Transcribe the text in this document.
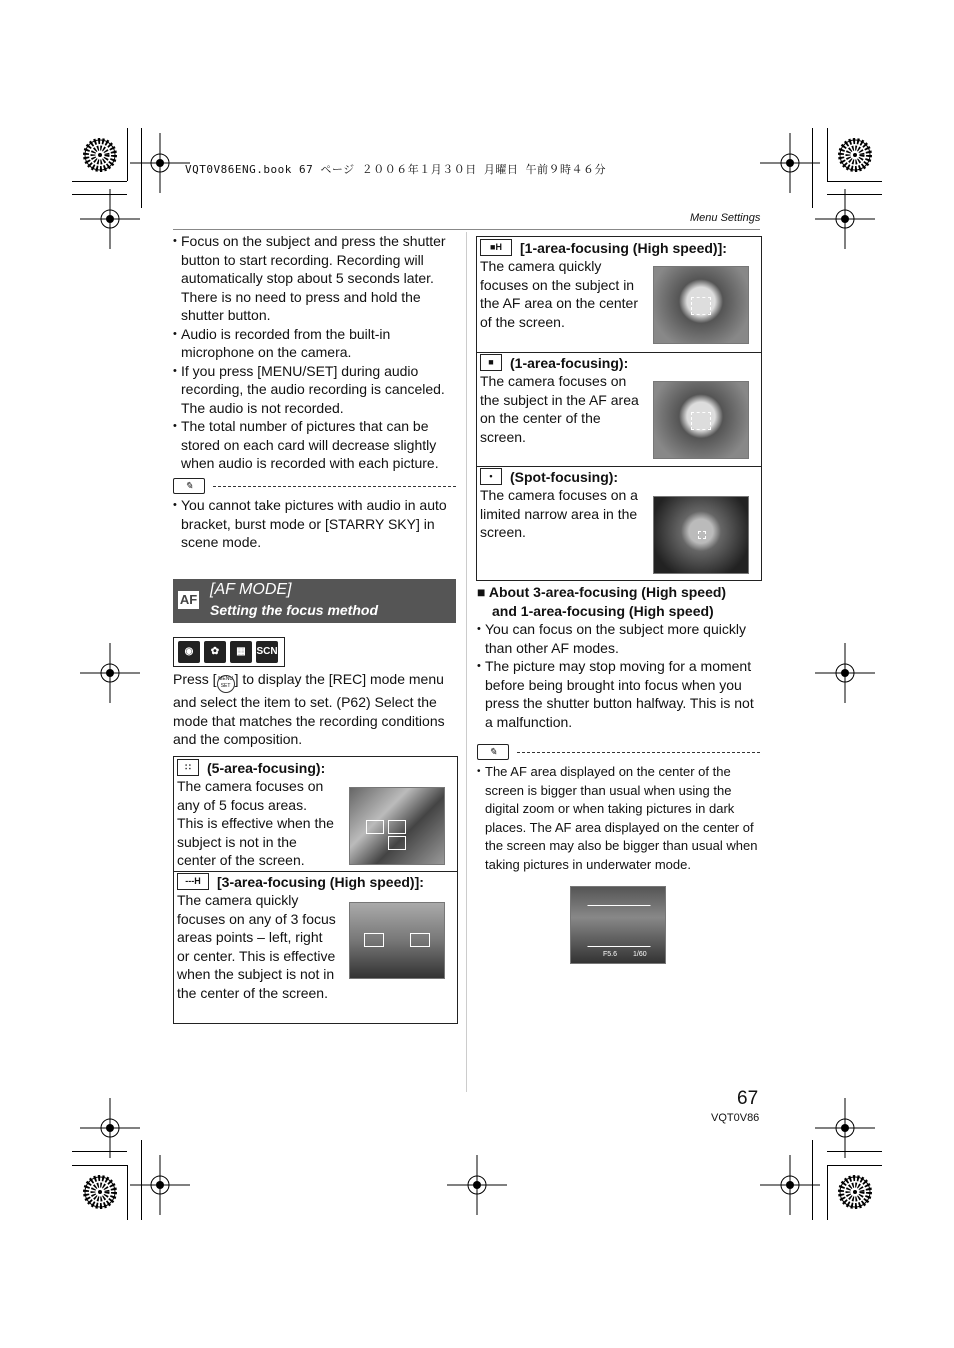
VQT0V86ENG.book 67 ページ ２００６年１月３０日 月曜日 午前９時４６分
Menu Settings

• Focus on the subject and press the shutter button to start recording. Recording will automatically stop about 5 seconds later. There is no need to press and hold the shutter button.

• Audio is recorded from the built-in microphone on the camera.

• If you press [MENU/SET] during audio recording, the audio recording is canceled. The audio is not recorded.

• The total number of pictures that can be stored on each card will decrease slightly when audio is recorded with each picture.

✎

• You cannot take pictures with audio in auto bracket, burst mode or [STARRY SKY] in scene mode.

AF
[AF MODE]
Setting the focus method
◉	✿	▦	SCN
Press [ MENU SET ] to display the [REC] mode menu and select the item to set. (P62) Select the mode that matches the recording conditions and the composition.
∷	(5-area-focusing):
The camera focuses on any of 5 focus areas. This is effective when the subject is not in the center of the screen.
---H	[3-area-focusing (High speed)]:
The camera quickly focuses on any of 3 focus areas points – left, right or center. This is effective when the subject is not in the center of the screen.
■H	[1-area-focusing (High speed)]:
The camera quickly focuses on the subject in the AF area on the center of the screen.
■	(1-area-focusing):
The camera focuses on the subject in the AF area on the center of the screen.
•	(Spot-focusing):
The camera focuses on a limited narrow area in the screen.
■ About 3-area-focusing (High speed)
and 1-area-focusing (High speed)

• You can focus on the subject more quickly than other AF modes.

• The picture may stop moving for a moment before being brought into focus when you press the shutter button halfway. This is not a malfunction.

✎

• The AF area displayed on the center of the screen is bigger than usual when using the digital zoom or when taking pictures in dark places. The AF area displayed on the center of the screen may also be bigger than usual when taking pictures in underwater mode.

F5.6 1/60
67
VQT0V86
